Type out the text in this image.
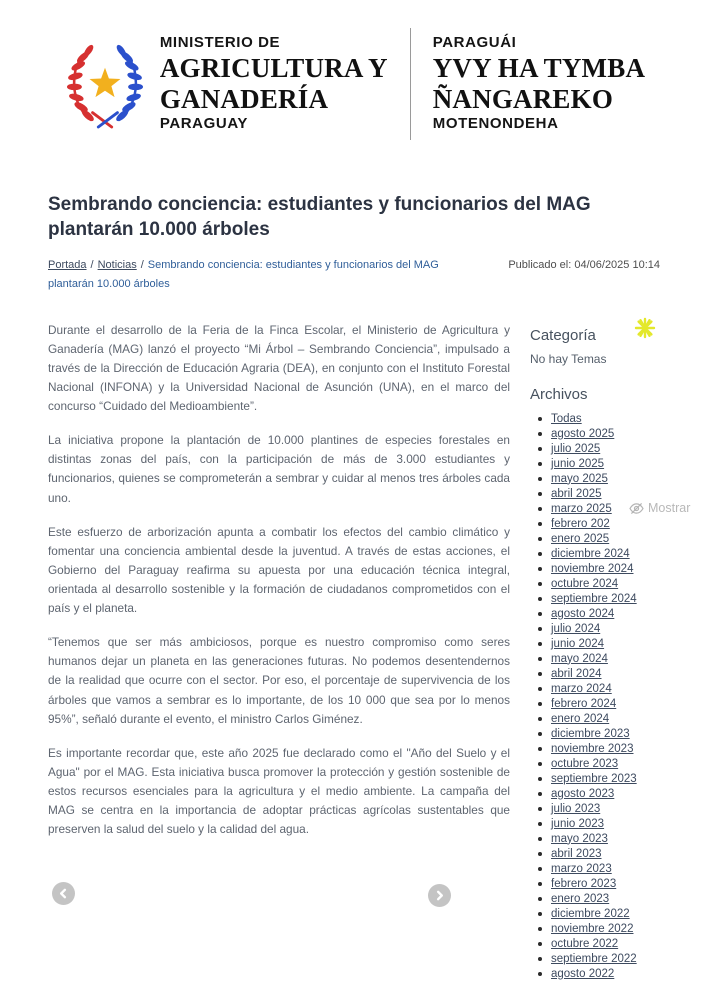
MINISTERIO DE
AGRICULTURA Y
GANADERÍA
PARAGUAY
PARAGUÁI
YVY HA TYMBA
ÑANGAREKO
MOTENONDEHA
Sembrando conciencia: estudiantes y funcionarios del MAG plantarán 10.000 árboles
Portada / Noticias / Sembrando conciencia: estudiantes y funcionarios del MAG plantarán 10.000 árboles
Publicado el: 04/06/2025 10:14

Durante el desarrollo de la Feria de la Finca Escolar, el Ministerio de Agricultura y Ganadería (MAG) lanzó el proyecto “Mi Árbol – Sembrando Conciencia”, impulsado a través de la Dirección de Educación Agraria (DEA), en conjunto con el Instituto Forestal Nacional (INFONA) y la Universidad Nacional de Asunción (UNA), en el marco del concurso “Cuidado del Medioambiente”.

La iniciativa propone la plantación de 10.000 plantines de especies forestales en distintas zonas del país, con la participación de más de 3.000 estudiantes y funcionarios, quienes se comprometerán a sembrar y cuidar al menos tres árboles cada uno.

Este esfuerzo de arborización apunta a combatir los efectos del cambio climático y fomentar una conciencia ambiental desde la juventud. A través de estas acciones, el Gobierno del Paraguay reafirma su apuesta por una educación técnica integral, orientada al desarrollo sostenible y la formación de ciudadanos comprometidos con el país y el planeta.

“Tenemos que ser más ambiciosos, porque es nuestro compromiso como seres humanos dejar un planeta en las generaciones futuras. No podemos desentendernos de la realidad que ocurre con el sector. Por eso, el porcentaje de supervivencia de los árboles que vamos a sembrar es lo importante, de los 10 000 que sea por lo menos 95%”, señaló durante el evento, el ministro Carlos Giménez.

Es importante recordar que, este año 2025 fue declarado como el "Año del Suelo y el Agua" por el MAG. Esta iniciativa busca promover la protección y gestión sostenible de estos recursos esenciales para la agricultura y el medio ambiente. La campaña del MAG se centra en la importancia de adoptar prácticas agrícolas sustentables que preserven la salud del suelo y la calidad del agua.

Categoría
No hay Temas
Archivos
Todas
agosto 2025
julio 2025
junio 2025
mayo 2025
abril 2025
marzo 2025
febrero 202
enero 2025
diciembre 2024
noviembre 2024
octubre 2024
septiembre 2024
agosto 2024
julio 2024
junio 2024
mayo 2024
abril 2024
marzo 2024
febrero 2024
enero 2024
diciembre 2023
noviembre 2023
octubre 2023
septiembre 2023
agosto 2023
julio 2023
junio 2023
mayo 2023
abril 2023
marzo 2023
febrero 2023
enero 2023
diciembre 2022
noviembre 2022
octubre 2022
septiembre 2022
agosto 2022
Mostrar
